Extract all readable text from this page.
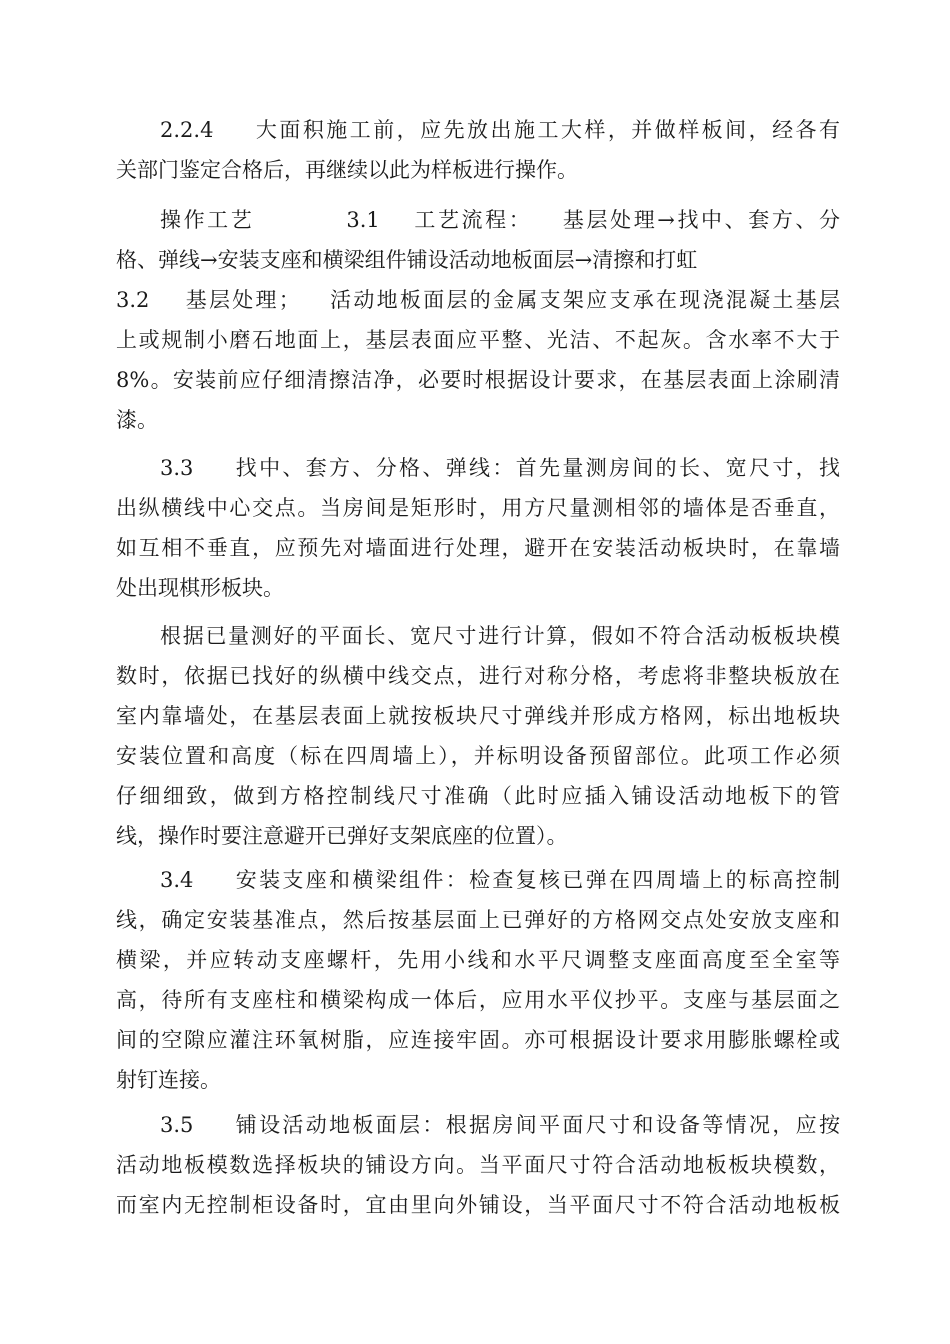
2.2.4 大面积施工前，应先放出施工大样，并做样板间，经各有
关部门鉴定合格后，再继续以此为样板进行操作。
操作工艺	3.1 工艺流程： 基层处理→找中、套方、分
格、弹线→安装支座和横梁组件铺设活动地板面层→清擦和打虹
3.2 基层处理； 活动地板面层的金属支架应支承在现浇混凝土基层
上或规制小磨石地面上，基层表面应平整、光洁、不起灰。含水率不大于
8%。安装前应仔细清擦洁净，必要时根据设计要求，在基层表面上涂刷清
漆。
3.3 找中、套方、分格、弹线：首先量测房间的长、宽尺寸，找
出纵横线中心交点。当房间是矩形时，用方尺量测相邻的墙体是否垂直，
如互相不垂直，应预先对墙面进行处理，避开在安装活动板块时，在靠墙
处出现棋形板块。
根据已量测好的平面长、宽尺寸进行计算，假如不符合活动板板块模
数时，依据已找好的纵横中线交点，进行对称分格，考虑将非整块板放在
室内靠墙处，在基层表面上就按板块尺寸弹线并形成方格网，标出地板块
安装位置和高度（标在四周墙上），并标明设备预留部位。此项工作必须
仔细细致，做到方格控制线尺寸准确（此时应插入铺设活动地板下的管
线，操作时要注意避开已弹好支架底座的位置）。
3.4 安装支座和横梁组件：检查复核已弹在四周墙上的标高控制
线，确定安装基准点，然后按基层面上已弹好的方格网交点处安放支座和
横梁，并应转动支座螺杆，先用小线和水平尺调整支座面高度至全室等
高，待所有支座柱和横梁构成一体后，应用水平仪抄平。支座与基层面之
间的空隙应灌注环氧树脂，应连接牢固。亦可根据设计要求用膨胀螺栓或
射钉连接。
3.5 铺设活动地板面层：根据房间平面尺寸和设备等情况，应按
活动地板模数选择板块的铺设方向。当平面尺寸符合活动地板板块模数，
而室内无控制柜设备时，宜由里向外铺设，当平面尺寸不符合活动地板板
